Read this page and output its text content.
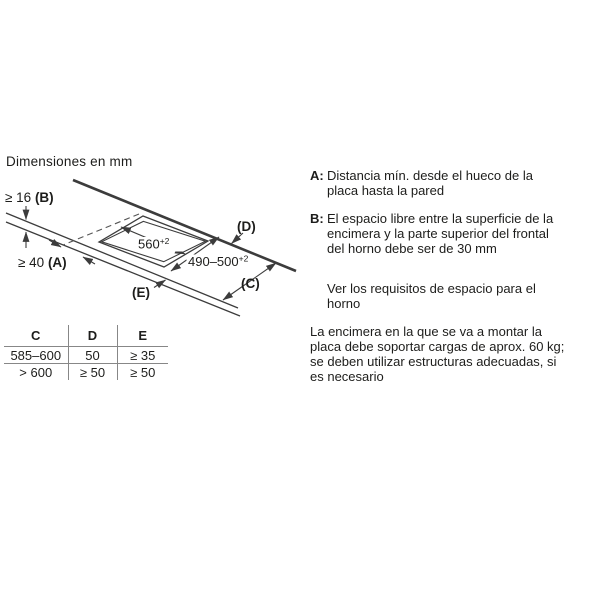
Dimensiones en mm
$560^{+2}$
$490-500^{+2}$
≥ 16 (B)
≥ 40 (A)
(D)
(C)
(E)
C	D	E
585–600	50	≥ 35
> 600	≥ 50	≥ 50
A: Distancia mín. desde el hueco de la
placa hasta la pared
B: El espacio libre entre la superficie de la
encimera y la parte superior del frontal
del horno debe ser de 30 mm
Ver los requisitos de espacio para el
horno
La encimera en la que se va a montar la
placa debe soportar cargas de aprox. 60 kg;
se deben utilizar estructuras adecuadas, si
es necesario
